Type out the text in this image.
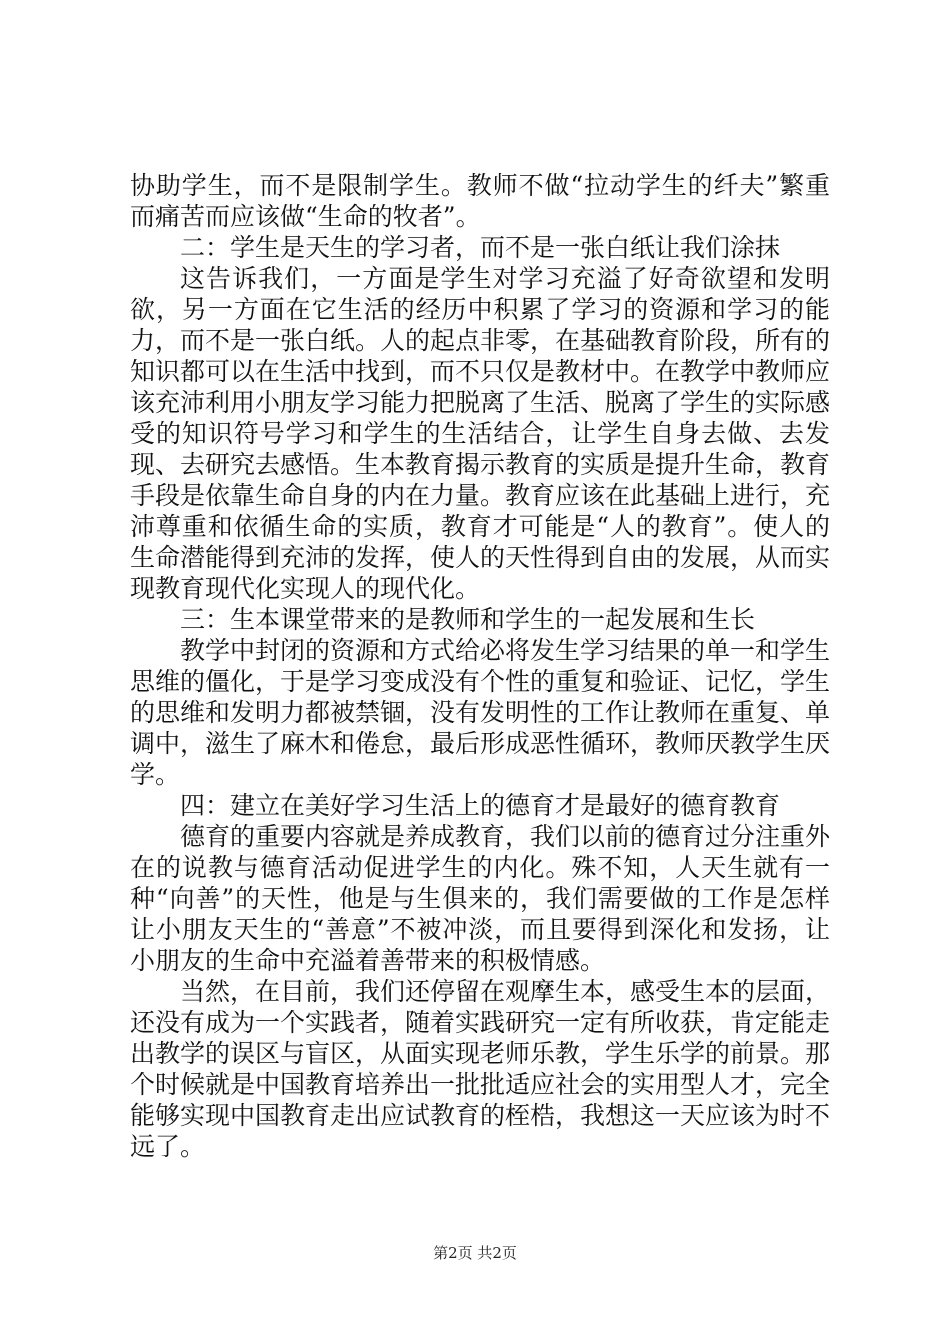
协助学生，而不是限制学生。教师不做“拉动学生的纤夫”繁重而痛苦而应该做“生命的牧者”。

二：学生是天生的学习者，而不是一张白纸让我们涂抹

这告诉我们，一方面是学生对学习充溢了好奇欲望和发明欲，另一方面在它生活的经历中积累了学习的资源和学习的能力，而不是一张白纸。人的起点非零，在基础教育阶段，所有的知识都可以在生活中找到，而不只仅是教材中。在教学中教师应该充沛利用小朋友学习能力把脱离了生活、脱离了学生的实际感受的知识符号学习和学生的生活结合，让学生自身去做、去发现、去研究去感悟。生本教育揭示教育的实质是提升生命，教育手段是依靠生命自身的内在力量。教育应该在此基础上进行，充沛尊重和依循生命的实质，教育才可能是“人的教育”。使人的生命潜能得到充沛的发挥，使人的天性得到自由的发展，从而实现教育现代化实现人的现代化。

三：生本课堂带来的是教师和学生的一起发展和生长

教学中封闭的资源和方式给必将发生学习结果的单一和学生思维的僵化，于是学习变成没有个性的重复和验证、记忆，学生的思维和发明力都被禁锢，没有发明性的工作让教师在重复、单调中，滋生了麻木和倦怠，最后形成恶性循环，教师厌教学生厌学。

四：建立在美好学习生活上的德育才是最好的德育教育

德育的重要内容就是养成教育，我们以前的德育过分注重外在的说教与德育活动促进学生的内化。殊不知，人天生就有一种“向善”的天性，他是与生俱来的，我们需要做的工作是怎样让小朋友天生的“善意”不被冲淡，而且要得到深化和发扬，让小朋友的生命中充溢着善带来的积极情感。

当然，在目前，我们还停留在观摩生本，感受生本的层面，还没有成为一个实践者，随着实践研究一定有所收获，肯定能走出教学的误区与盲区，从面实现老师乐教，学生乐学的前景。那个时候就是中国教育培养出一批批适应社会的实用型人才，完全能够实现中国教育走出应试教育的桎梏，我想这一天应该为时不远了。

第2页 共2页
